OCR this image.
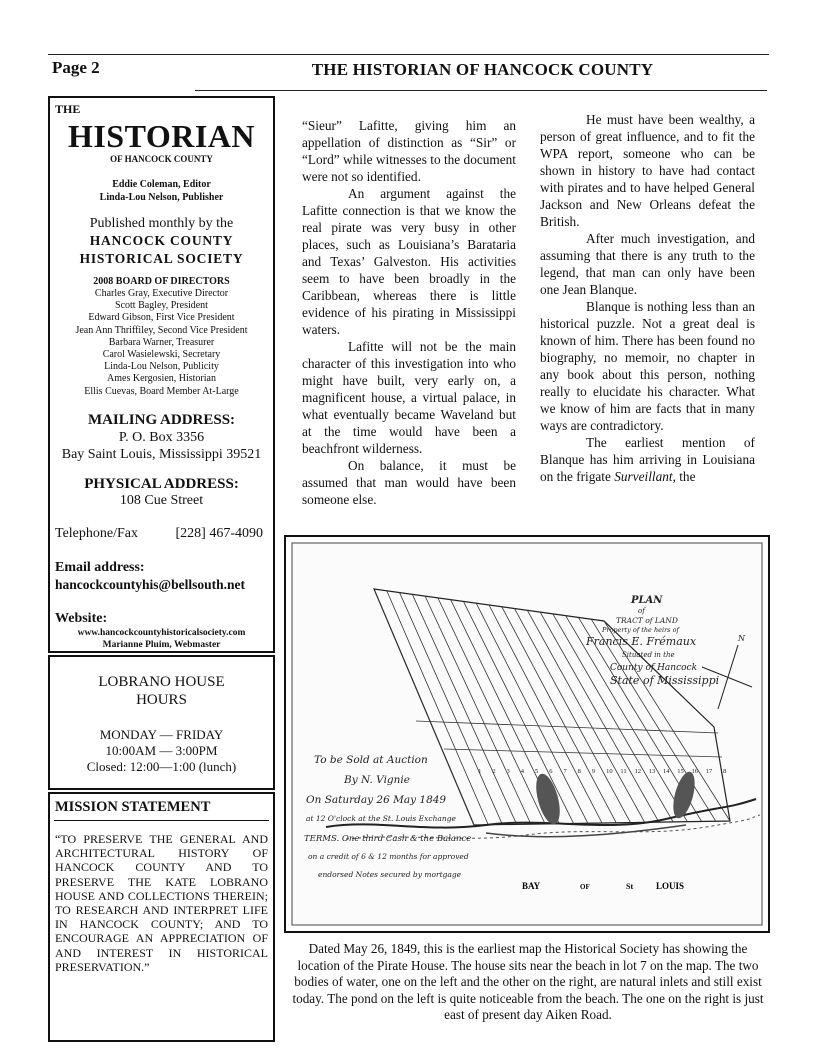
Page 2	THE HISTORIAN OF HANCOCK COUNTY
THE
HISTORIAN
OF HANCOCK COUNTY
Eddie Coleman, Editor
Linda-Lou Nelson, Publisher
Published monthly by the
HANCOCK COUNTY
HISTORICAL SOCIETY
2008 BOARD OF DIRECTORS
Charles Gray, Executive Director
Scott Bagley, President
Edward Gibson, First Vice President
Jean Ann Thriffiley, Second Vice President
Barbara Warner, Treasurer
Carol Wasielewski, Secretary
Linda-Lou Nelson, Publicity
Ames Kergosien, Historian
Ellis Cuevas, Board Member At-Large
MAILING ADDRESS:
P. O. Box 3356
Bay Saint Louis, Mississippi 39521
PHYSICAL ADDRESS:
108 Cue Street
Telephone/Fax	[228] 467-4090
Email address:
hancockcountyhis@bellsouth.net
Website:
www.hancockcountyhistoricalsociety.com
Marianne Pluim, Webmaster
LOBRANO HOUSE
HOURS
MONDAY — FRIDAY
10:00AM — 3:00PM
Closed: 12:00—1:00 (lunch)
MISSION STATEMENT
“TO PRESERVE THE GENERAL AND ARCHITECTURAL HISTORY OF HANCOCK COUNTY AND TO PRESERVE THE KATE LOBRANO HOUSE AND COLLECTIONS THEREIN; TO RESEARCH AND INTERPRET LIFE IN HANCOCK COUNTY; AND TO ENCOURAGE AN APPRECIATION OF AND INTEREST IN HISTORICAL PRESERVATION.”

“Sieur” Lafitte, giving him an appellation of distinction as “Sir” or “Lord” while witnesses to the document were not so identified.

An argument against the Lafitte connection is that we know the real pirate was very busy in other places, such as Louisiana’s Barataria and Texas’ Galveston. His activities seem to have been broadly in the Caribbean, whereas there is little evidence of his pirating in Mississippi waters.

Lafitte will not be the main character of this investigation into who might have built, very early on, a magnificent house, a virtual palace, in what eventually became Waveland but at the time would have been a beachfront wilderness.

On balance, it must be assumed that man would have been someone else.

He must have been wealthy, a person of great influence, and to fit the WPA report, someone who can be shown in history to have had contact with pirates and to have helped General Jackson and New Orleans defeat the British.

After much investigation, and assuming that there is any truth to the legend, that man can only have been one Jean Blanque.

Blanque is nothing less than an historical puzzle. Not a great deal is known of him. There has been found no biography, no memoir, no chapter in any book about this person, nothing really to elucidate his character. What we know of him are facts that in many ways are contradictory.

The earliest mention of Blanque has him arriving in Louisiana on the frigate Surveillant, the

N
1 2 3 4 5 6 7 8 9 10 11 12 13 14 15 16 17 18
PLAN
of
TRACT of LAND
Property of the heirs of
Francis E. Frémaux
Situated in the
County of Hancock
State of Mississippi
To be Sold at Auction
By N. Vignie
On Saturday 26 May 1849
at 12 O'clock at the St. Louis Exchange
TERMS. One third Cash & the Balance
on a credit of 6 & 12 months for approved
endorsed Notes secured by mortgage
BAY	OF	St	LOUIS
Dated May 26, 1849, this is the earliest map the Historical Society has showing the location of the Pirate House. The house sits near the beach in lot 7 on the map. The two bodies of water, one on the left and the other on the right, are natural inlets and still exist today. The pond on the left is quite noticeable from the beach. The one on the right is just east of present day Aiken Road.
